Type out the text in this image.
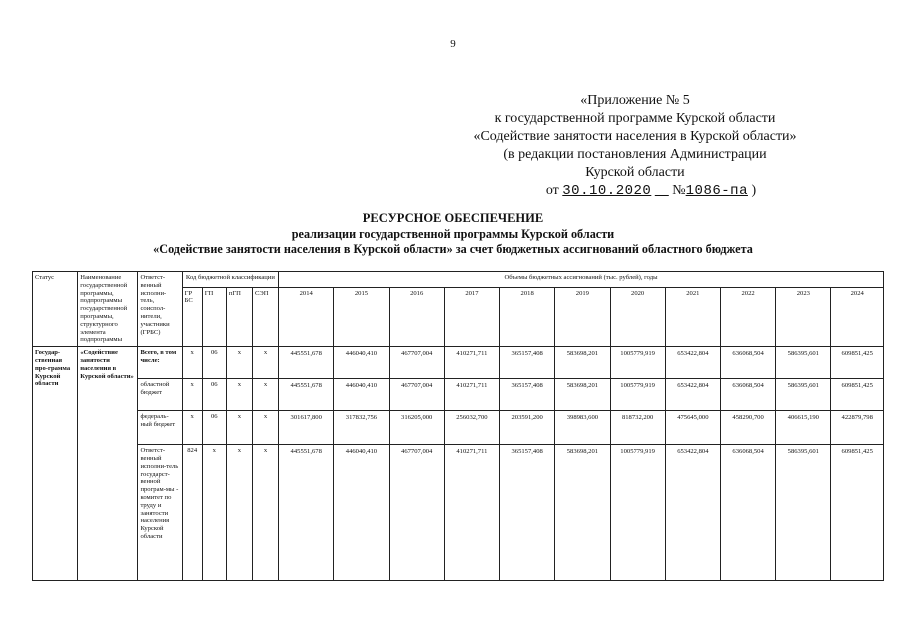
9
«Приложение № 5
к государственной программе Курской области
«Содействие занятости населения в Курской области»
(в редакции постановления Администрации
Курской области
от 30.10.2020 №1086-па )
РЕСУРСНОЕ ОБЕСПЕЧЕНИЕ
реализации государственной программы Курской области
«Содействие занятости населения в Курской области» за счет бюджетных ассигнований областного бюджета
Статус	Наименование государственной программы, подпрограммы государственной программы, структурного элемента подпрограммы	Ответст-венный исполни-тель, соиспол-нители, участники (ГРБС)	Код бюджетной классификации				Объемы бюджетных ассигнований (тыс. рублей), годы										
			ГР БС	ГП	пГП	СЭП	2014	2015	2016	2017	2018	2019	2020	2021	2022	2023	2024
Государ-ственная про-грамма Курской области	«Содействие занятости населения в Курской области»	Всего, в том числе:	х	06	х	х	445551,678	446040,410	467707,004	410271,711	365157,408	583698,201	1005779,919	653422,804	636068,504	586395,601	609851,425
		областной бюджет	х	06	х	х	445551,678	446040,410	467707,004	410271,711	365157,408	583698,201	1005779,919	653422,804	636068,504	586395,601	609851,425
		федераль-ный бюджет	х	06	х	х	301617,800	317832,756	316205,000	256032,700	203591,200	398983,600	818732,200	475645,000	458290,700	406615,190	422879,798
		Ответст-венный исполни-тель государст-венной програм-мы - комитет по труду и занятости населения Курской области	824	х	х	х	445551,678	446040,410	467707,004	410271,711	365157,408	583698,201	1005779,919	653422,804	636068,504	586395,601	609851,425
